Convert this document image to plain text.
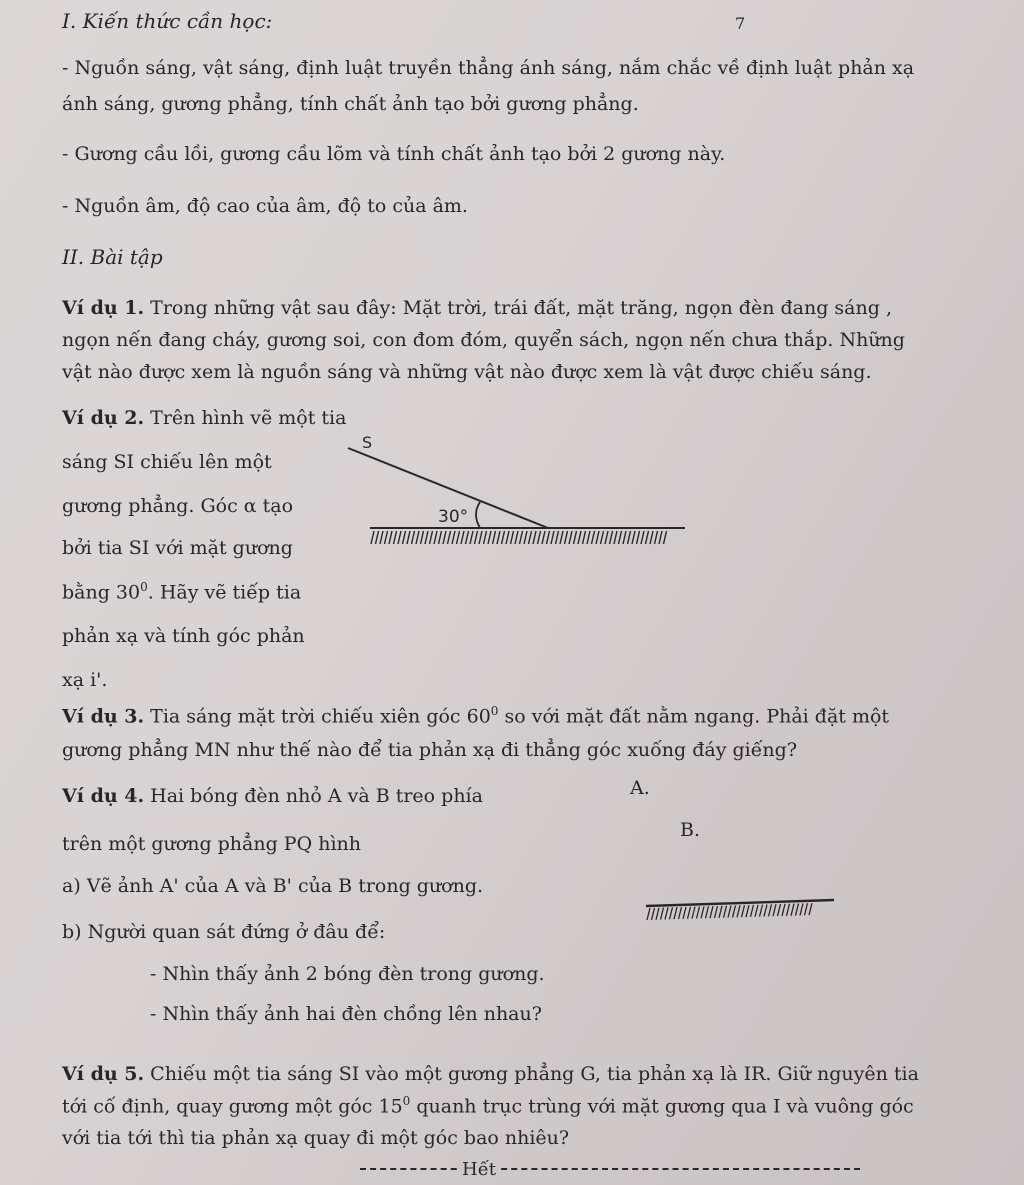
I. Kiến thức cần học:	7
- Nguồn sáng, vật sáng, định luật truyền thẳng ánh sáng, nắm chắc về định luật phản xạ
ánh sáng, gương phẳng, tính chất ảnh tạo bởi gương phẳng.
- Gương cầu lồi, gương cầu lõm và tính chất ảnh tạo bởi 2 gương này.
- Nguồn âm, độ cao của âm, độ to của âm.
II. Bài tập
Ví dụ 1. Trong những vật sau đây: Mặt trời, trái đất, mặt trăng, ngọn đèn đang sáng ,
ngọn nến đang cháy, gương soi, con đom đóm, quyển sách, ngọn nến chưa thắp. Những
vật nào được xem là nguồn sáng và những vật nào được xem là vật được chiếu sáng.
Ví dụ 2. Trên hình vẽ một tia
sáng SI chiếu lên một
gương phẳng. Góc α tạo
bởi tia SI với mặt gương
bằng $30^0$. Hãy vẽ tiếp tia
phản xạ và tính góc phản
xạ i'.
S
30°
Ví dụ 3. Tia sáng mặt trời chiếu xiên góc $60^0$ so với mặt đất nằm ngang. Phải đặt một
gương phẳng MN như thế nào để tia phản xạ đi thẳng góc xuống đáy giếng?
Ví dụ 4. Hai bóng đèn nhỏ A và B treo phía
trên một gương phẳng PQ hình
a) Vẽ ảnh A' của A và B' của B trong gương.
b) Người quan sát đứng ở đâu để:
- Nhìn thấy ảnh 2 bóng đèn trong gương.
- Nhìn thấy ảnh hai đèn chồng lên nhau?
A.
B.
Ví dụ 5. Chiếu một tia sáng SI vào một gương phẳng G, tia phản xạ là IR. Giữ nguyên tia
tới cố định, quay gương một góc $15^0$ quanh trục trùng với mặt gương qua I và vuông góc
với tia tới thì tia phản xạ quay đi một góc bao nhiêu?
Hết
